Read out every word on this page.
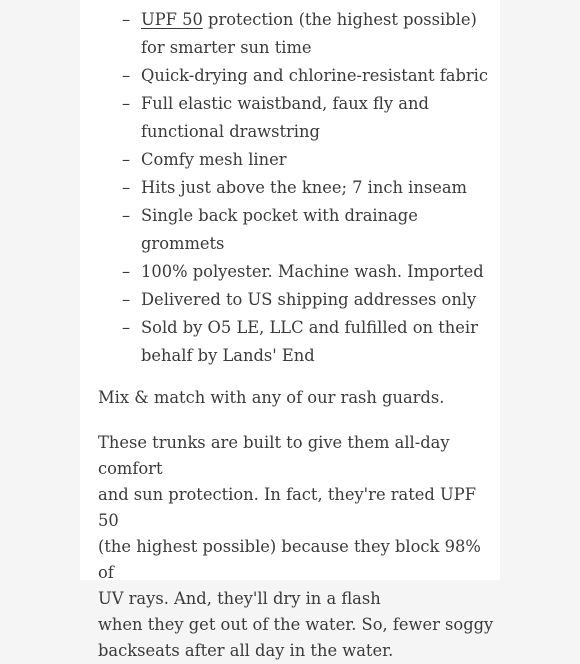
– UPF 50 protection (the highest possible)
for smarter sun time
– Quick-drying and chlorine-resistant fabric
– Full elastic waistband, faux fly and functional drawstring
– Comfy mesh liner
– Hits just above the knee; 7 inch inseam
– Single back pocket with drainage grommets
– 100% polyester. Machine wash. Imported
– Delivered to US shipping addresses only
– Sold by O5 LE, LLC and fulfilled on their behalf by Lands' End

Mix & match with any of our rash guards.

These trunks are built to give them all-day comfort
and sun protection. In fact, they're rated UPF 50
(the highest possible) because they block 98% of
UV rays. And, they'll dry in a flash
when they get out of the water. So, fewer soggy
backseats after all day in the water.
